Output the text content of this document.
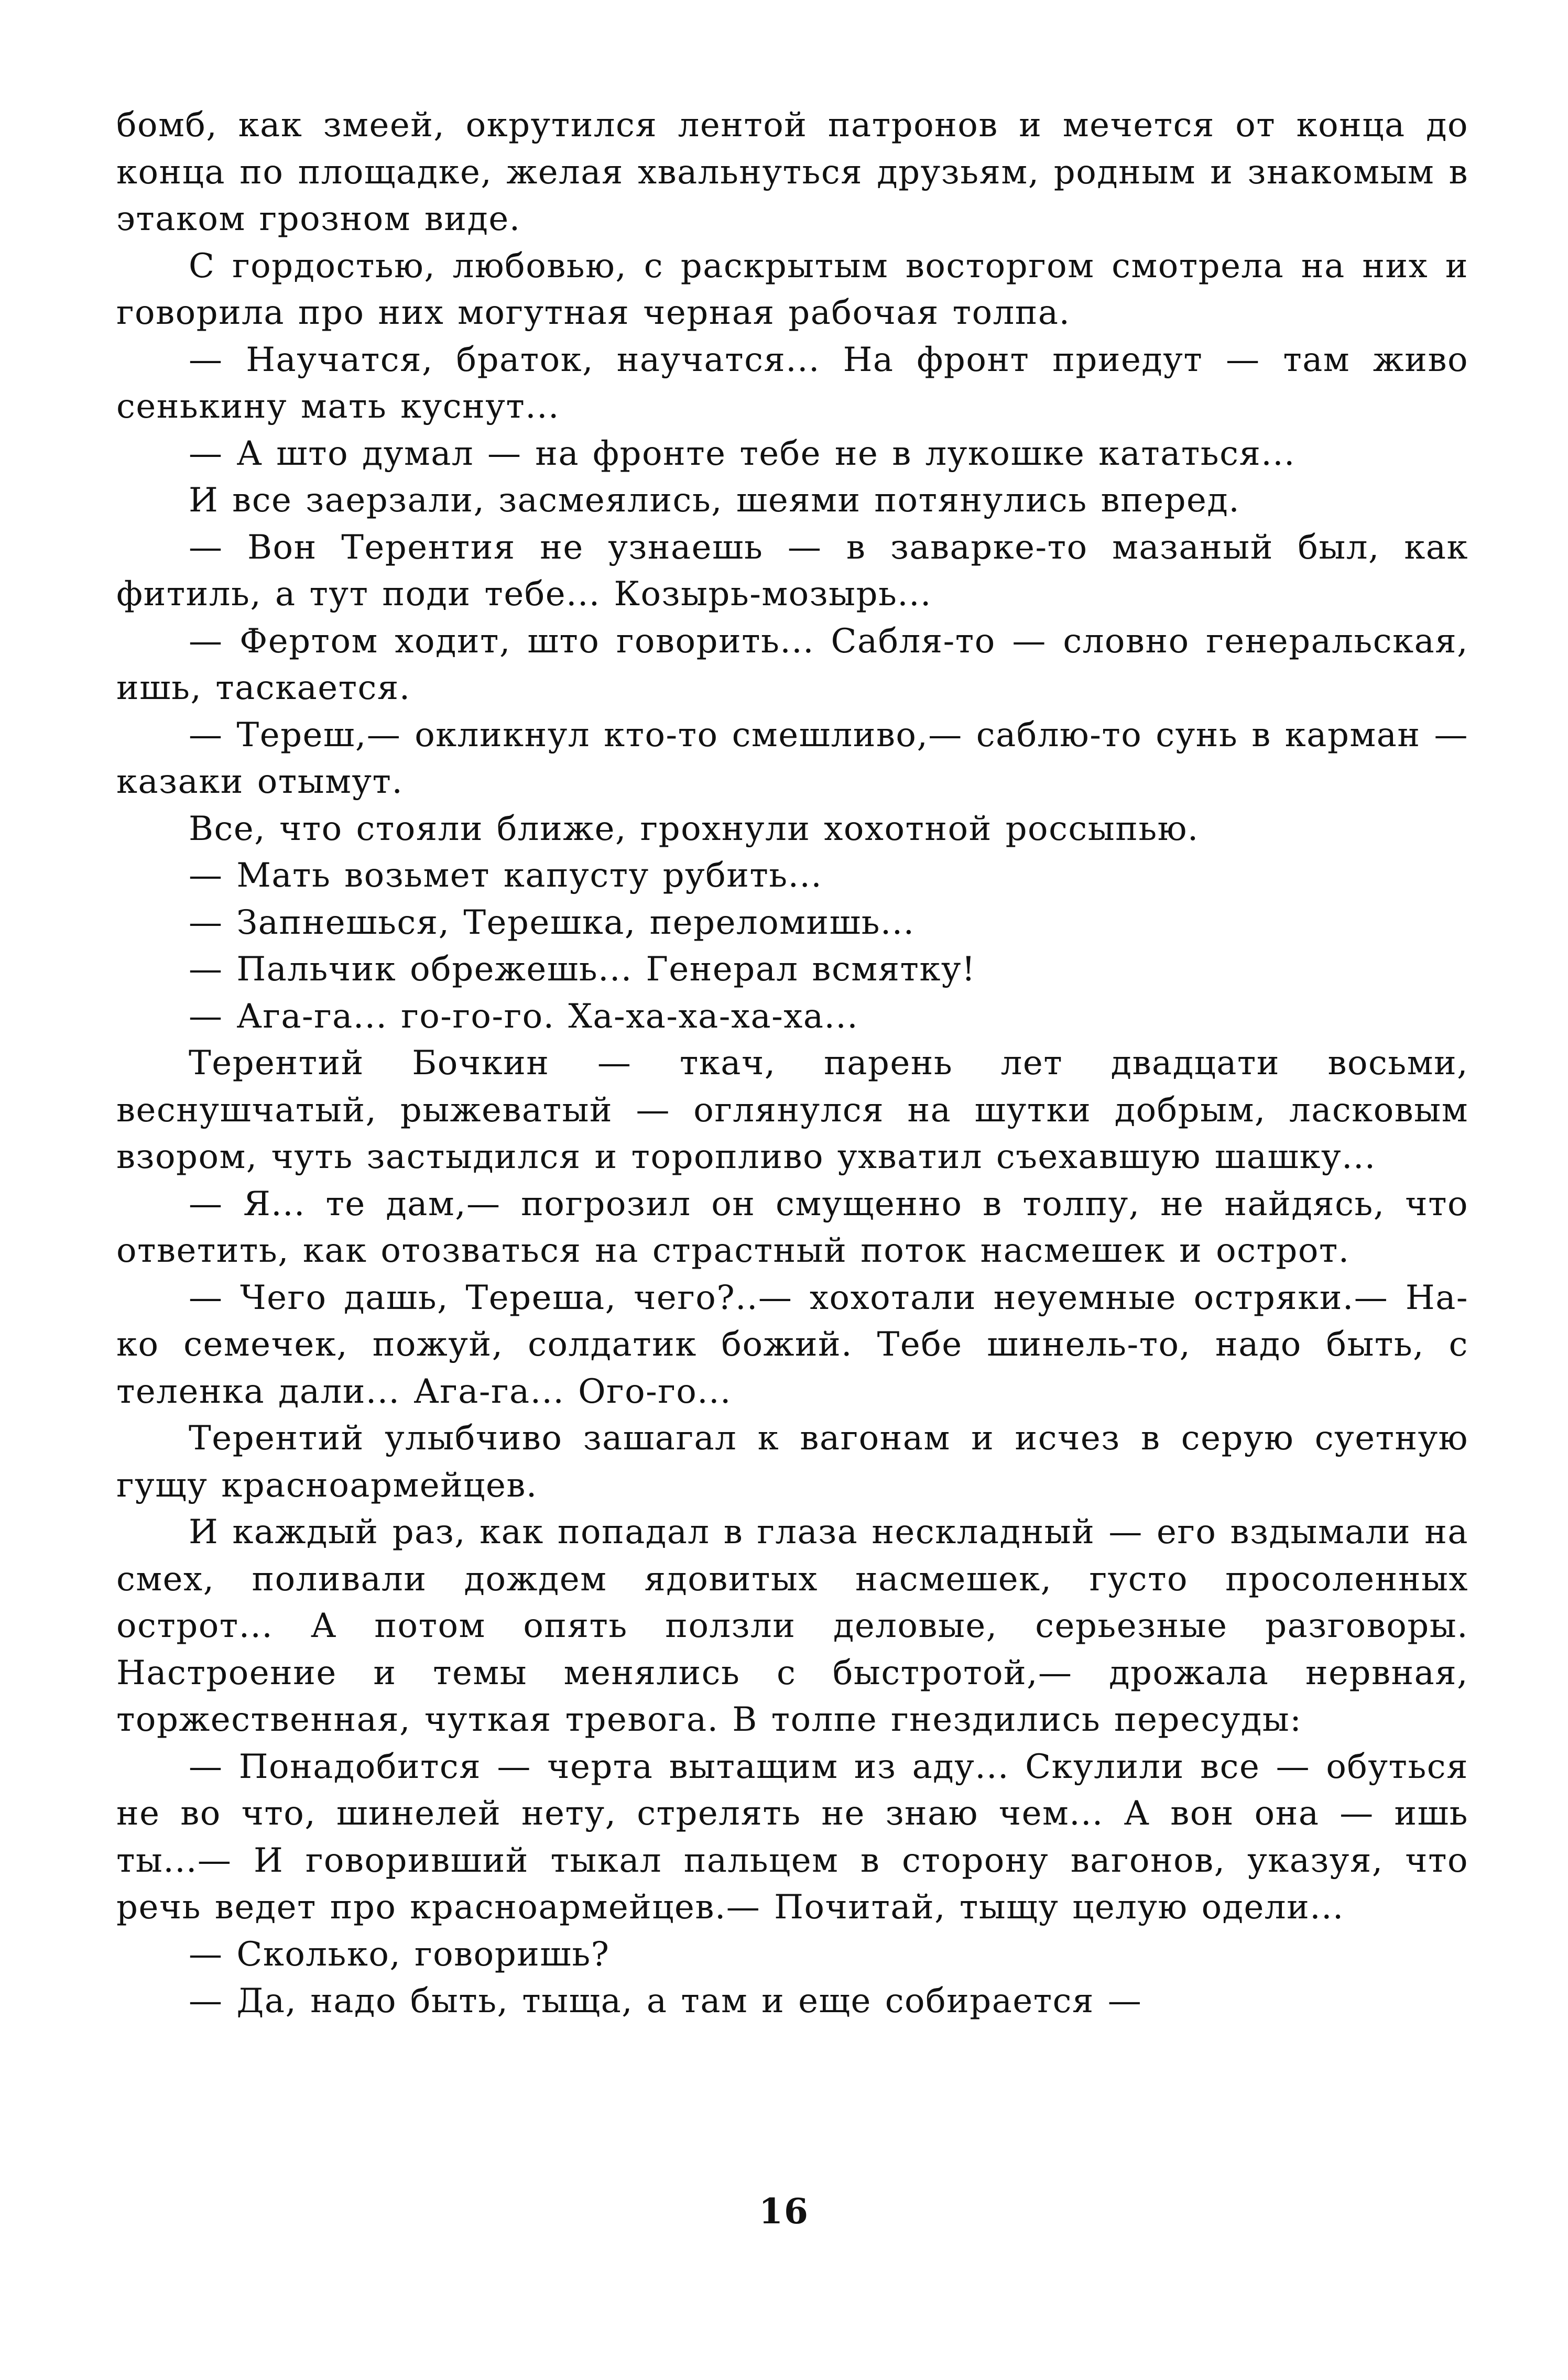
бомб, как змеей, окрутился лентой патронов и мечется от конца до конца по площадке, желая хвальнуться друзьям, родным и знакомым в этаком грозном виде.

С гордостью, любовью, с раскрытым восторгом смотрела на них и говорила про них могутная черная рабочая толпа.

— Научатся, браток, научатся... На фронт приедут — там живо сенькину мать куснут...

— А што думал — на фронте тебе не в лукошке кататься...

И все заерзали, засмеялись, шеями потянулись вперед.

— Вон Терентия не узнаешь — в заварке-то мазаный был, как фитиль, а тут поди тебе... Козырь-мозырь...

— Фертом ходит, што говорить... Сабля-то — словно генеральская, ишь, таскается.

— Тереш,— окликнул кто-то смешливо,— саблю-то сунь в карман — казаки отымут.

Все, что стояли ближе, грохнули хохотной россыпью.

— Мать возьмет капусту рубить...

— Запнешься, Терешка, переломишь...

— Пальчик обрежешь... Генерал всмятку!

— Ага-га... го-го-го. Ха-ха-ха-ха-ха...

Терентий Бочкин — ткач, парень лет двадцати восьми, веснушчатый, рыжеватый — оглянулся на шутки добрым, ласковым взором, чуть застыдился и торопливо ухватил съехавшую шашку...

— Я... те дам,— погрозил он смущенно в толпу, не найдясь, что ответить, как отозваться на страстный поток насмешек и острот.

— Чего дашь, Тереша, чего?..— хохотали неуемные остряки.— На-ко семечек, пожуй, солдатик божий. Тебе шинель-то, надо быть, с теленка дали... Ага-га... Ого-го...

Терентий улыбчиво зашагал к вагонам и исчез в серую суетную гущу красноармейцев.

И каждый раз, как попадал в глаза нескладный — его вздымали на смех, поливали дождем ядовитых насмешек, густо просоленных острот... А потом опять ползли деловые, серьезные разговоры. Настроение и темы менялись с быстротой,— дрожала нервная, торжественная, чуткая тревога. В толпе гнездились пересуды:

— Понадобится — черта вытащим из аду... Скулили все — обуться не во что, шинелей нету, стрелять не знаю чем... А вон она — ишь ты...— И говоривший тыкал пальцем в сторону вагонов, указуя, что речь ведет про красноармейцев.— Почитай, тыщу целую одели...

— Сколько, говоришь?

— Да, надо быть, тыща, а там и еще собирается —

16
